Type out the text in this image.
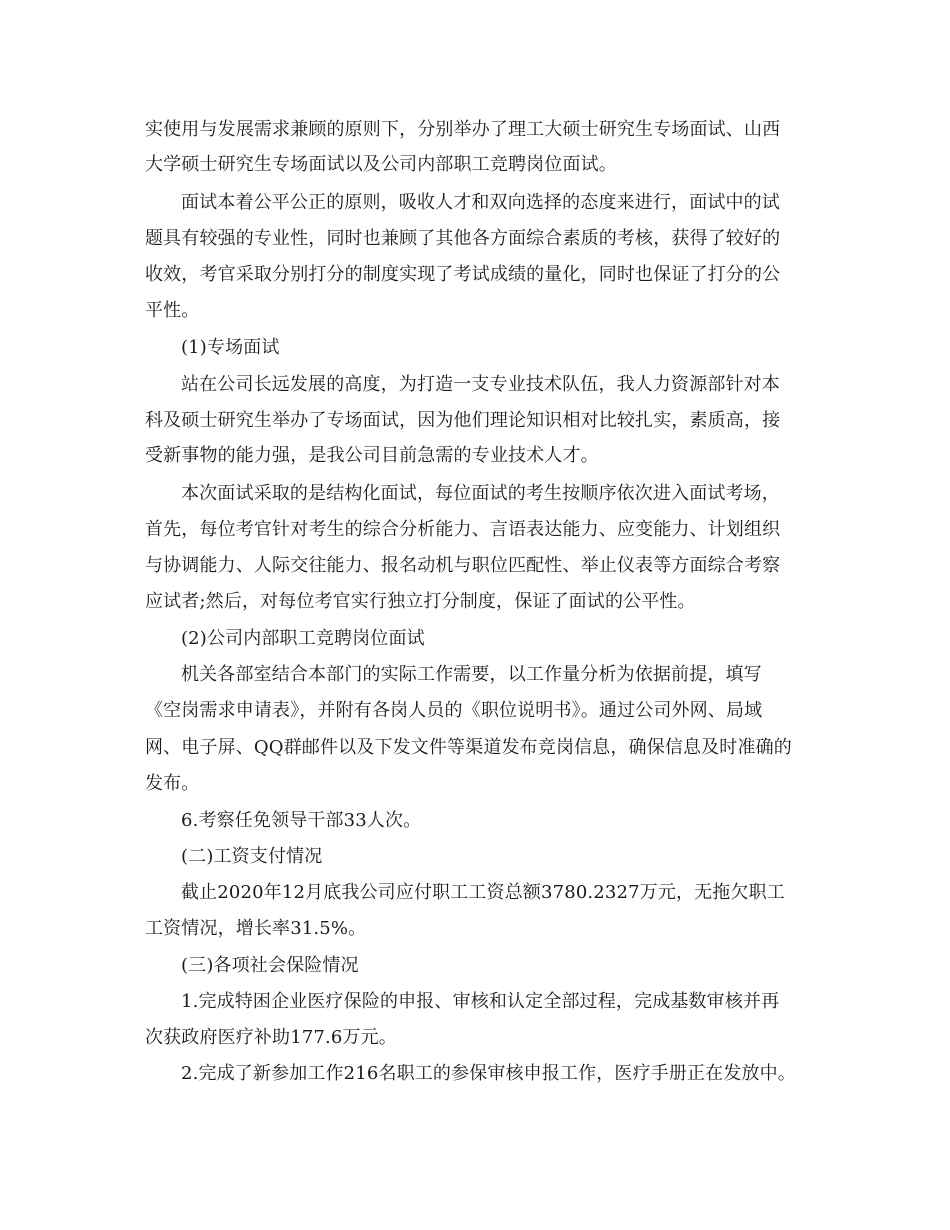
实使用与发展需求兼顾的原则下，分别举办了理工大硕士研究生专场面试、山西
大学硕士研究生专场面试以及公司内部职工竞聘岗位面试。
面试本着公平公正的原则，吸收人才和双向选择的态度来进行，面试中的试
题具有较强的专业性，同时也兼顾了其他各方面综合素质的考核，获得了较好的
收效，考官采取分别打分的制度实现了考试成绩的量化，同时也保证了打分的公
平性。
(1)专场面试
站在公司长远发展的高度，为打造一支专业技术队伍，我人力资源部针对本
科及硕士研究生举办了专场面试，因为他们理论知识相对比较扎实，素质高，接
受新事物的能力强，是我公司目前急需的专业技术人才。
本次面试采取的是结构化面试，每位面试的考生按顺序依次进入面试考场，
首先，每位考官针对考生的综合分析能力、言语表达能力、应变能力、计划组织
与协调能力、人际交往能力、报名动机与职位匹配性、举止仪表等方面综合考察
应试者;然后，对每位考官实行独立打分制度，保证了面试的公平性。
(2)公司内部职工竞聘岗位面试
机关各部室结合本部门的实际工作需要，以工作量分析为依据前提，填写
《空岗需求申请表》，并附有各岗人员的《职位说明书》。通过公司外网、局域
网、电子屏、QQ群邮件以及下发文件等渠道发布竞岗信息，确保信息及时准确的
发布。
6.考察任免领导干部33人次。
(二)工资支付情况
截止2020年12月底我公司应付职工工资总额3780.2327万元，无拖欠职工
工资情况，增长率31.5%。
(三)各项社会保险情况
1.完成特困企业医疗保险的申报、审核和认定全部过程，完成基数审核并再
次获政府医疗补助177.6万元。
2.完成了新参加工作216名职工的参保审核申报工作，医疗手册正在发放中。
